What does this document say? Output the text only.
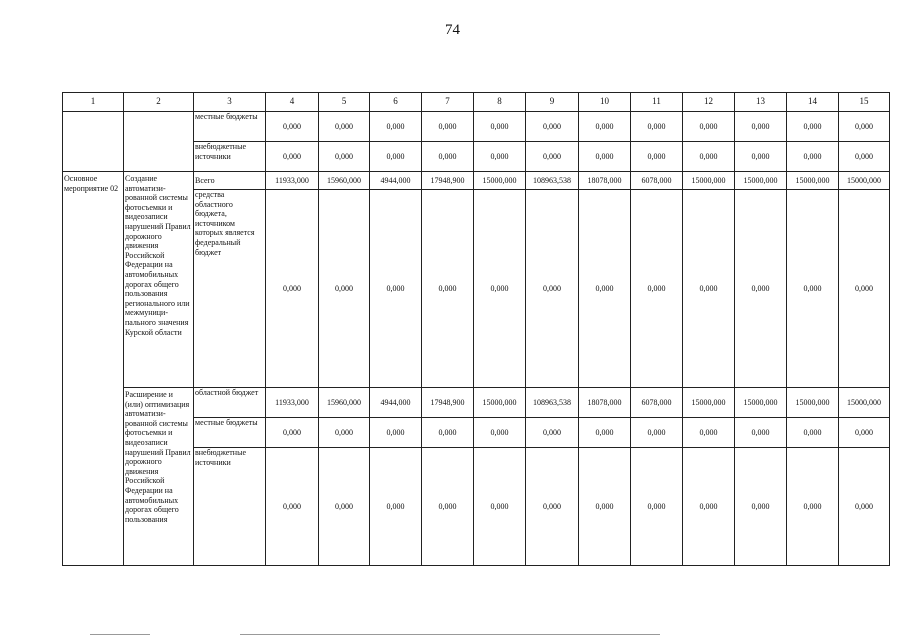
74
1	2	3	4	5	6	7	8	9	10	11	12	13	14	15
		местные бюджеты	0,000	0,000	0,000	0,000	0,000	0,000	0,000	0,000	0,000	0,000	0,000	0,000
		внебюджетные источники	0,000	0,000	0,000	0,000	0,000	0,000	0,000	0,000	0,000	0,000	0,000	0,000
Основное мероприятие 02	Создание автоматизи-рованной системы фотосъемки и видеозаписи нарушений Правил дорожного движения Российской Федерации на автомобильных дорогах общего пользования регионального или межмуници-пального значения Курской области	Всего	11933,000	15960,000	4944,000	17948,900	15000,000	108963,538	18078,000	6078,000	15000,000	15000,000	15000,000	15000,000
		средства областного бюджета, источником которых является федеральный бюджет	0,000	0,000	0,000	0,000	0,000	0,000	0,000	0,000	0,000	0,000	0,000	0,000
	Расширение и (или) оптимизация автоматизи-рованной системы фотосъемки и видеозаписи нарушений Правил дорожного движения Российской Федерации на автомобильных дорогах общего пользования	областной бюджет	11933,000	15960,000	4944,000	17948,900	15000,000	108963,538	18078,000	6078,000	15000,000	15000,000	15000,000	15000,000
		местные бюджеты	0,000	0,000	0,000	0,000	0,000	0,000	0,000	0,000	0,000	0,000	0,000	0,000
		внебюджетные источники	0,000	0,000	0,000	0,000	0,000	0,000	0,000	0,000	0,000	0,000	0,000	0,000
